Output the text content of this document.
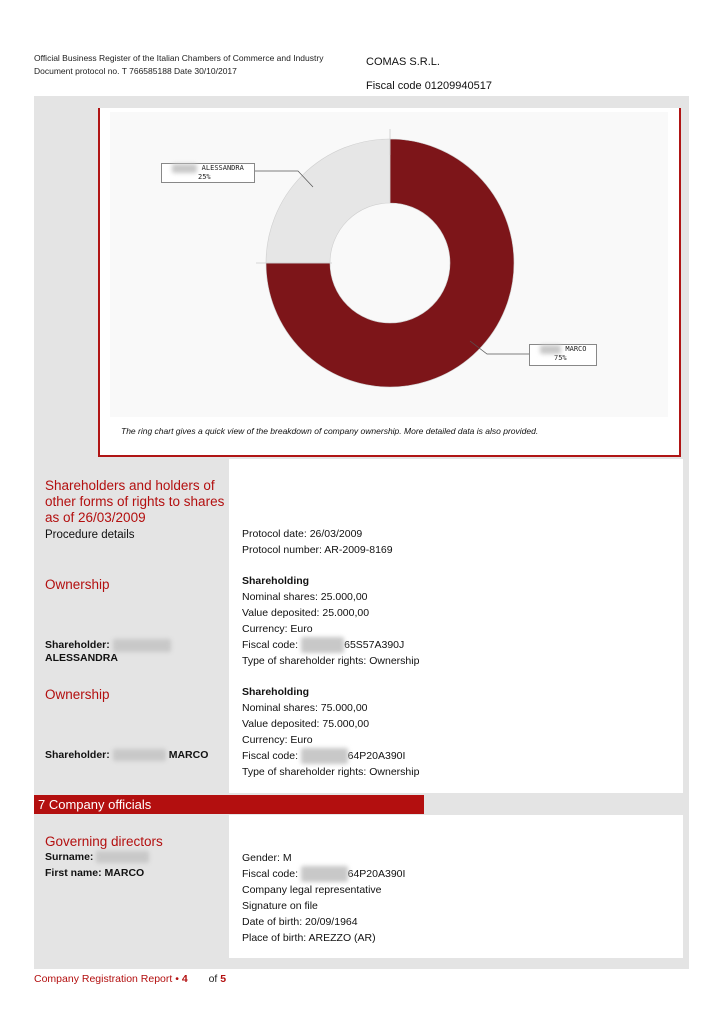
Official Business Register of the Italian Chambers of Commerce and Industry
Document protocol no. T 766585188 Date 30/10/2017
COMAS S.R.L.
Fiscal code 01209940517
ALESSANDRA
25%
MARCO
75%
The ring chart gives a quick view of the breakdown of company ownership. More detailed data is also provided.
Shareholders and holders of
other forms of rights to shares
as of 26/03/2009
Procedure details	Protocol date: 26/03/2009
Protocol number: AR-2009-8169
Ownership	Shareholding
Nominal shares: 25.000,00
Value deposited: 25.000,00
Currency: Euro
Fiscal code:	65S57A390J
Type of shareholder rights: Ownership
Shareholder:
ALESSANDRA
Ownership	Shareholding
Nominal shares: 75.000,00
Value deposited: 75.000,00
Currency: Euro
Fiscal code:	64P20A390I
Type of shareholder rights: Ownership
Shareholder:	MARCO
7 Company officials
Governing directors
Surname:
First name: MARCO
Gender: M
Fiscal code:	64P20A390I
Company legal representative
Signature on file
Date of birth: 20/09/1964
Place of birth: AREZZO (AR)
Company Registration Report • 4 of 5
